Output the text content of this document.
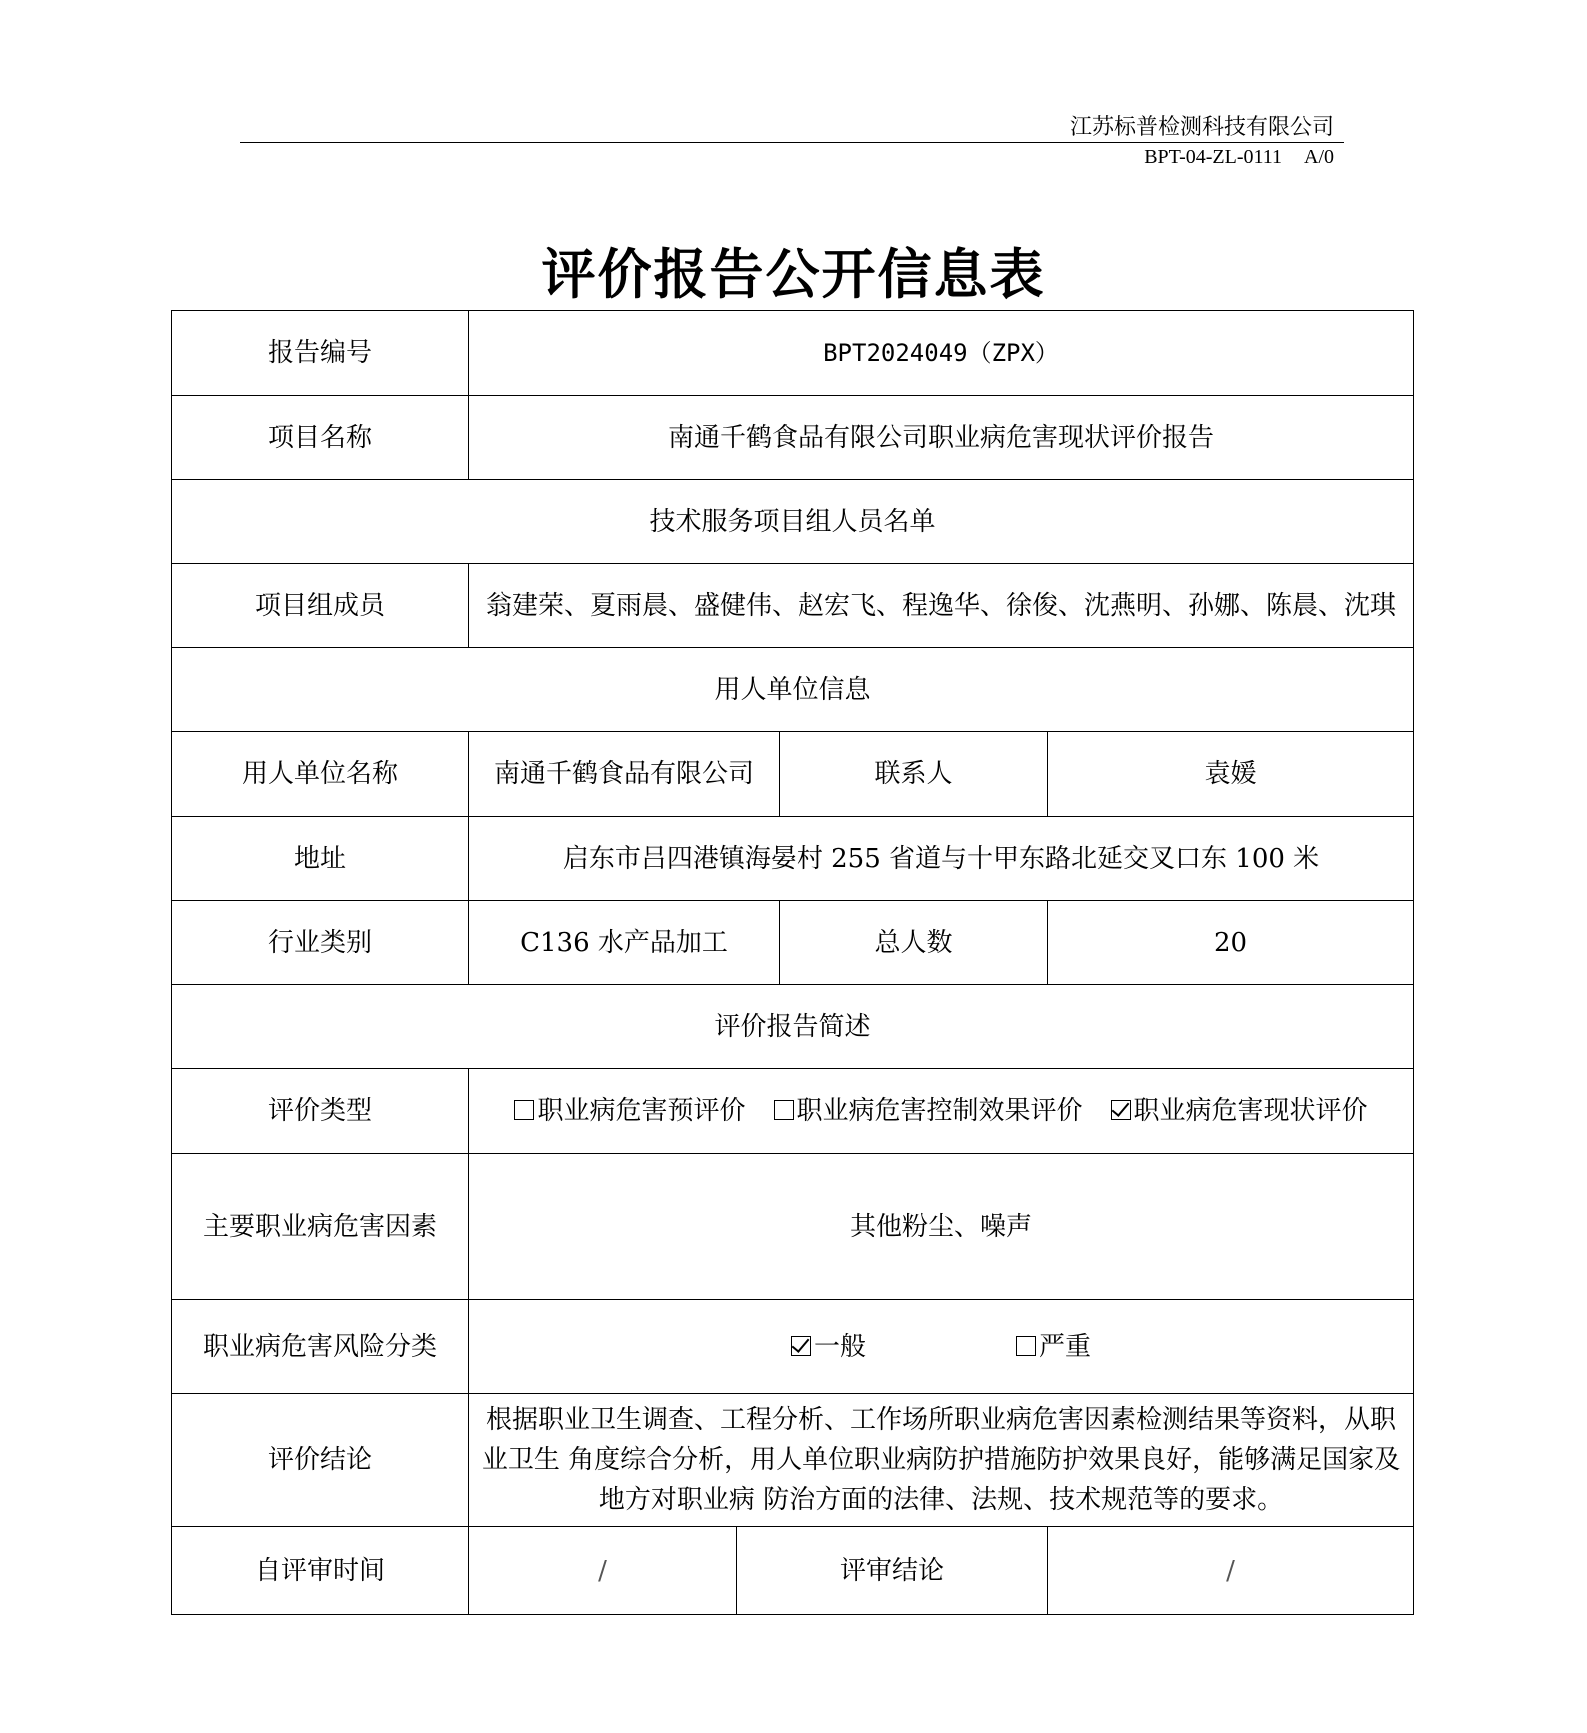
江苏标普检测科技有限公司
BPT-04-ZL-0111 A/0
评价报告公开信息表
报告编号	BPT2024049（ZPX）			
项目名称	南通千鹤食品有限公司职业病危害现状评价报告			
技术服务项目组人员名单				
项目组成员	翁建荣、夏雨晨、盛健伟、赵宏飞、程逸华、徐俊、沈燕明、孙娜、陈晨、沈琪			
用人单位信息				
用人单位名称	南通千鹤食品有限公司		联系人	袁媛
地址	启东市吕四港镇海晏村 255 省道与十甲东路北延交叉口东 100 米			
行业类别	C136 水产品加工		总人数	20
评价报告简述				
评价类型	职业病危害预评价 职业病危害控制效果评价 职业病危害现状评价			
主要职业病危害因素	其他粉尘、噪声			
职业病危害风险分类	一般 严重			
评价结论	根据职业卫生调查、工程分析、工作场所职业病危害因素检测结果等资料，从职业卫生 角度综合分析，用人单位职业病防护措施防护效果良好，能够满足国家及地方对职业病 防治方面的法律、法规、技术规范等的要求。			
自评审时间	/	评审结论		/
